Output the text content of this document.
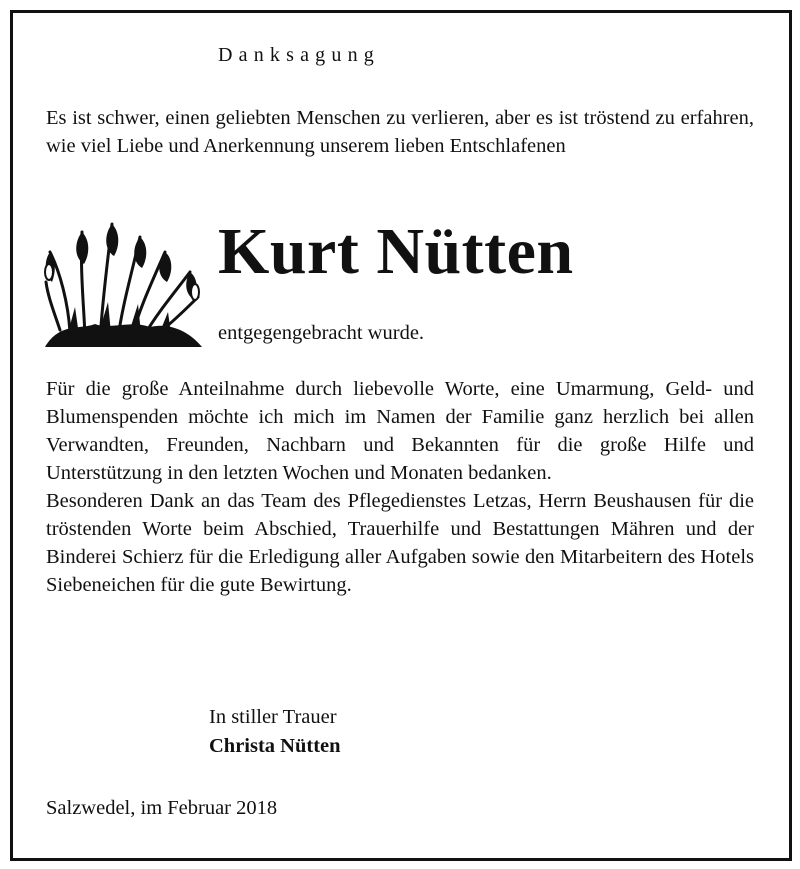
Danksagung
Es ist schwer, einen geliebten Menschen zu verlieren, aber es ist tröstend zu erfahren, wie viel Liebe und Anerkennung unserem lieben Entschlafenen
Kurt Nütten
entgegengebracht wurde.
Für die große Anteilnahme durch liebevolle Worte, eine Umarmung, Geld- und Blumenspenden möchte ich mich im Namen der Familie ganz herzlich bei allen Verwandten, Freunden, Nachbarn und Bekannten für die große Hilfe und Unterstützung in den letzten Wochen und Monaten bedanken.
Besonderen Dank an das Team des Pflegedienstes Letzas, Herrn Beushausen für die tröstenden Worte beim Abschied, Trauerhilfe und Bestattungen Mähren und der Binderei Schierz für die Erledigung aller Aufgaben sowie den Mitarbeitern des Hotels Siebeneichen für die gute Bewirtung.
In stiller Trauer
Christa Nütten
Salzwedel, im Februar 2018
